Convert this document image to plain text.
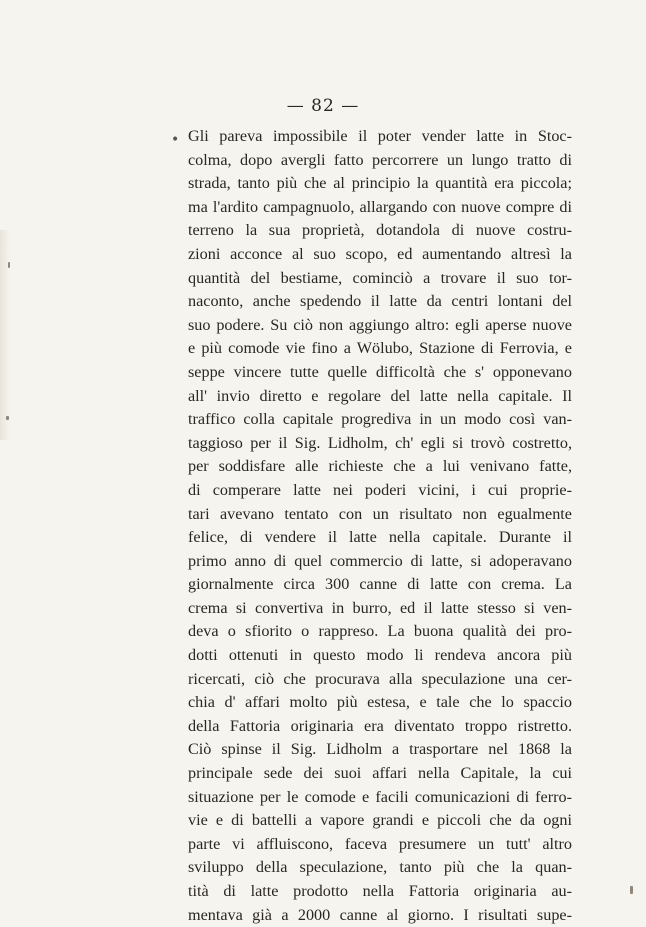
•
— 82 —
Gli pareva impossibile il poter vender latte in Stoc-
colma, dopo avergli fatto percorrere un lungo tratto di
strada, tanto più che al principio la quantità era piccola;
ma l'ardito campagnuolo, allargando con nuove compre di
terreno la sua proprietà, dotandola di nuove costru-
zioni acconce al suo scopo, ed aumentando altresì la
quantità del bestiame, cominciò a trovare il suo tor-
naconto, anche spedendo il latte da centri lontani del
suo podere. Su ciò non aggiungo altro: egli aperse nuove
e più comode vie fino a Wölubo, Stazione di Ferrovia, e
seppe vincere tutte quelle difficoltà che s' opponevano
all' invio diretto e regolare del latte nella capitale. Il
traffico colla capitale progrediva in un modo così van-
taggioso per il Sig. Lidholm, ch' egli si trovò costretto,
per soddisfare alle richieste che a lui venivano fatte,
di comperare latte nei poderi vicini, i cui proprie-
tari avevano tentato con un risultato non egualmente
felice, di vendere il latte nella capitale. Durante il
primo anno di quel commercio di latte, si adoperavano
giornalmente circa 300 canne di latte con crema. La
crema si convertiva in burro, ed il latte stesso si ven-
deva o sfiorito o rappreso. La buona qualità dei pro-
dotti ottenuti in questo modo li rendeva ancora più
ricercati, ciò che procurava alla speculazione una cer-
chia d' affari molto più estesa, e tale che lo spaccio
della Fattoria originaria era diventato troppo ristretto.
Ciò spinse il Sig. Lidholm a trasportare nel 1868 la
principale sede dei suoi affari nella Capitale, la cui
situazione per le comode e facili comunicazioni di ferro-
vie e di battelli a vapore grandi e piccoli che da ogni
parte vi affluiscono, faceva presumere un tutt' altro
sviluppo della speculazione, tanto più che la quan-
tità di latte prodotto nella Fattoria originaria au-
mentava già a 2000 canne al giorno. I risultati supe-
